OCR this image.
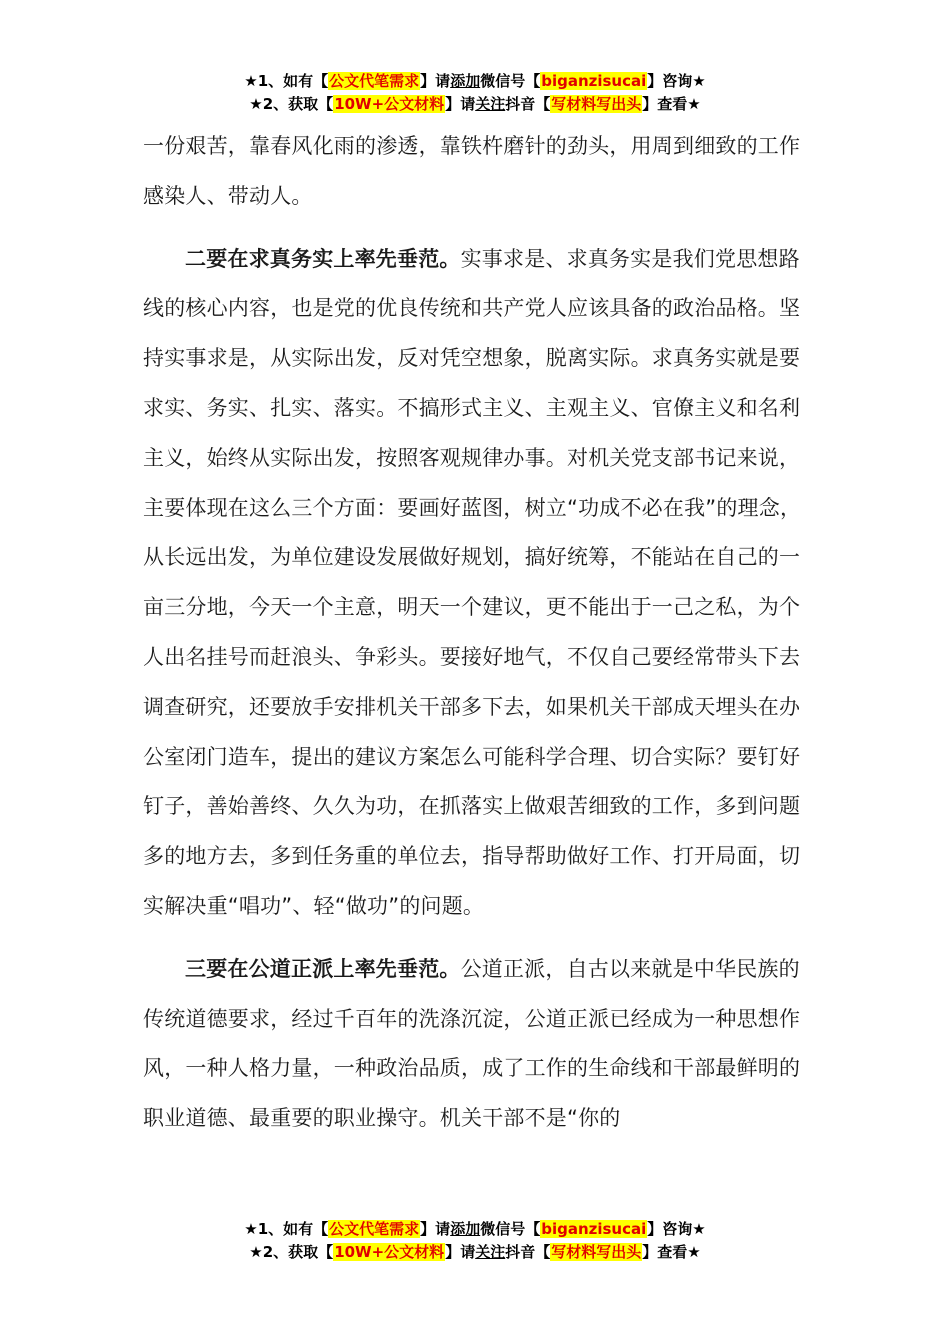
★1、如有【公文代笔需求】请添加微信号【biganzisucai】咨询★
★2、获取【10W+公文材料】请关注抖音【写材料写出头】查看★

一份艰苦，靠春风化雨的渗透，靠铁杵磨针的劲头，用周到细致的工作感染人、带动人。

二要在求真务实上率先垂范。实事求是、求真务实是我们党思想路线的核心内容，也是党的优良传统和共产党人应该具备的政治品格。坚持实事求是，从实际出发，反对凭空想象，脱离实际。求真务实就是要求实、务实、扎实、落实。不搞形式主义、主观主义、官僚主义和名利主义，始终从实际出发，按照客观规律办事。对机关党支部书记来说，主要体现在这么三个方面：要画好蓝图，树立“功成不必在我”的理念，从长远出发，为单位建设发展做好规划，搞好统筹，不能站在自己的一亩三分地，今天一个主意，明天一个建议，更不能出于一己之私，为个人出名挂号而赶浪头、争彩头。要接好地气，不仅自己要经常带头下去调查研究，还要放手安排机关干部多下去，如果机关干部成天埋头在办公室闭门造车，提出的建议方案怎么可能科学合理、切合实际？要钉好钉子，善始善终、久久为功，在抓落实上做艰苦细致的工作，多到问题多的地方去，多到任务重的单位去，指导帮助做好工作、打开局面，切实解决重“唱功”、轻“做功”的问题。

三要在公道正派上率先垂范。公道正派，自古以来就是中华民族的传统道德要求，经过千百年的洗涤沉淀，公道正派已经成为一种思想作风，一种人格力量，一种政治品质，成了工作的生命线和干部最鲜明的职业道德、最重要的职业操守。机关干部不是“你的

★1、如有【公文代笔需求】请添加微信号【biganzisucai】咨询★
★2、获取【10W+公文材料】请关注抖音【写材料写出头】查看★
